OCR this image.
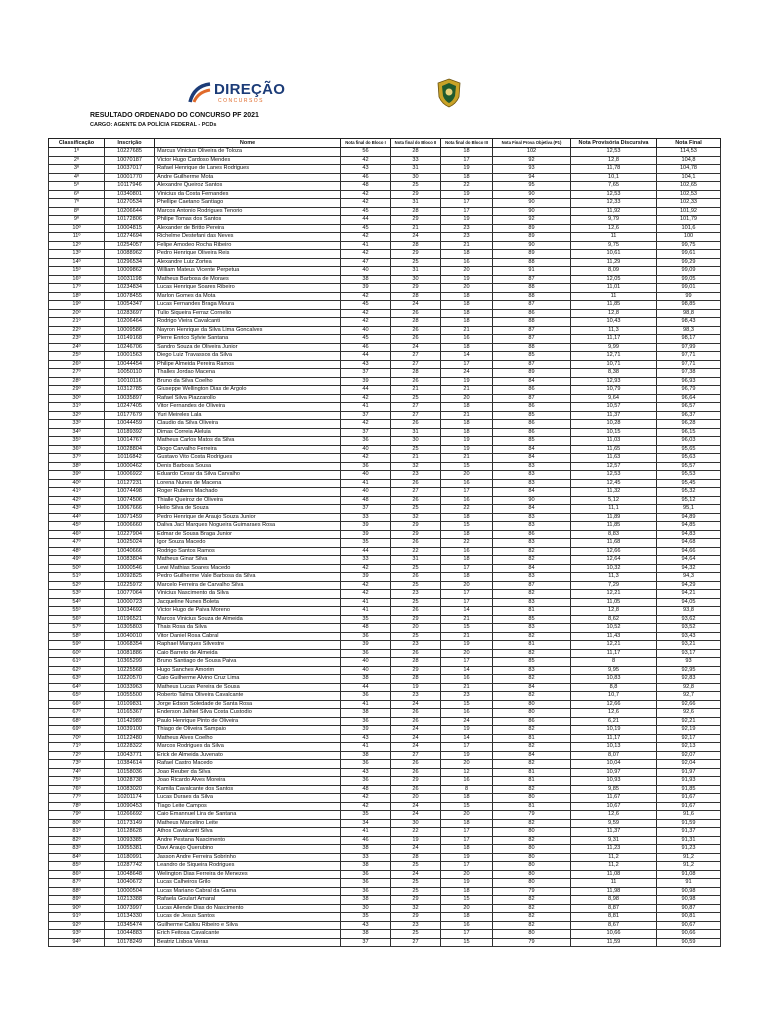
DIREÇÃO
CONCURSOS
RESULTADO ORDENADO DO CONCURSO PF 2021
CARGO: AGENTE DA POLÍCIA FEDERAL - PCDs
Classificação	Inscrição	Nome	Nota final do Bloco I	Nota final do Bloco II	Nota final do Bloco III	Nota Final Prova Objetiva (P1)	Nota Provisória Discursiva	Nota Final
1º	10227685	Marcus Vinicius Oliveira de Toloza	56	28	18	102	12,53	114,53
2º	10070187	Victor Hugo Cardoso Mendes	42	33	17	92	12,8	104,8
3º	10037017	Rafael Henrique de Lanes Rodrigues	43	31	19	93	11,78	104,78
4º	10001770	Andre Guilherme Mota	46	30	18	94	10,1	104,1
5º	10117946	Alexandre Queiroz Santos	48	25	22	95	7,65	102,65
6º	10340801	Vinicius da Costa Fernandes	42	29	19	90	12,53	102,53
7º	10270534	Phellipe Caetano Santiago	42	31	17	90	12,33	102,33
8º	10206644	Marcos Antonio Rodrigues Tenorio	45	28	17	90	11,92	101,92
9º	10172806	Philipe Tomas dos Santos	44	29	19	92	9,79	101,79
10º	10004815	Alexander de Britto Pereira	45	21	23	89	12,6	101,6
11º	10274694	Richelme Destefani das Neves	42	24	23	89	11	100
12º	10254057	Felipe Amodeo Rocha Ribeiro	41	28	21	90	9,75	99,75
13º	10088962	Pedro Henrique Oliveira Reis	42	29	18	89	10,61	99,61
14º	10296534	Alexandre Luiz Zortea	47	25	16	88	11,29	99,29
15º	10009862	William Mateus Vicente Perpetua	40	31	20	91	8,09	99,09
16º	10031198	Matheus Barbosa de Moraes	38	30	19	87	12,05	99,05
17º	10234834	Lucas Henrique Soares Ribeiro	39	29	20	88	11,01	99,01
18º	10078455	Marlon Gomes da Mota	42	28	18	88	11	99
19º	10054347	Lucas Fernandes Braga Moura	45	24	18	87	11,85	98,85
20º	10283697	Tulio Siqueira Ferraz Cornelio	42	26	18	86	12,8	98,8
21º	10206464	Rodrigo Vieira Cavalcanti	42	28	18	88	10,43	98,43
22º	10009586	Nayron Henrique da Silva Lima Goncalves	40	26	21	87	11,3	98,3
23º	10149168	Pierre Enrico Sylvie Santana	45	26	16	87	11,17	98,17
24º	10246706	Sandro Souza de Oliveira Junior	46	24	18	88	9,99	97,99
25º	10001563	Diego Luiz Travassos da Silva	44	27	14	85	12,71	97,71
26º	10044454	Philipe Almeida Pereira Ramos	43	27	17	87	10,71	97,71
27º	10050110	Thalles Jordao Macena	37	28	24	89	8,38	97,38
28º	10010116	Bruno da Silva Coelho	39	26	19	84	12,93	96,93
29º	10312785	Giuseppe Wellington Dias de Argolo	44	21	21	86	10,79	96,79
30º	10035897	Rafael Silva Piazzarollo	42	25	20	87	9,64	96,64
31º	10247405	Vitor Fernandes de Oliveira	41	27	18	86	10,57	96,57
32º	10177679	Yuri Meireles Lala	37	27	21	85	11,37	96,37
33º	10044459	Claudio da Silva Oliveira	42	26	18	86	10,28	96,28
34º	10189392	Dimas Correia Aleluia	37	31	18	86	10,15	96,15
35º	10014767	Matheus Carlos Matos da Silva	36	30	19	85	11,03	96,03
36º	10028804	Diogo Carvalho Ferreira	40	25	19	84	11,65	95,65
37º	10116842	Gustavo Vito Costa Rodrigues	42	21	21	84	11,63	95,63
38º	10000462	Denis Barbosa Sousa	36	32	15	83	12,57	95,57
39º	10006922	Eduardo Cesar da Silva Carvalho	40	23	20	83	12,53	95,53
40º	10127231	Lorena Nunes de Macena	41	26	16	83	12,45	95,45
41º	10074498	Roger Rubens Machado	40	27	17	84	11,32	95,32
42º	10074506	Thialle Queiroz de Oliveira	48	26	16	90	5,12	95,12
43º	10067666	Helio Silva de Souza	37	25	22	84	11,1	95,1
44º	10071459	Pedro Henrique de Araujo Souza Junior	33	32	18	83	11,89	94,89
45º	10006660	Daliva Jaci Marques Nogueira Guimaraes Rosa	39	29	15	83	11,85	94,85
46º	10227904	Edmar de Sousa Braga Junior	39	29	18	86	8,83	94,83
47º	10025024	Igor Souza Macedo	35	26	22	83	11,68	94,68
48º	10040666	Rodrigo Santos Ramos	44	22	16	82	12,66	94,66
49º	10083804	Matheus Ginar Silva	33	31	18	82	12,64	94,64
50º	10000546	Lewi Mathias Soares Macedo	42	25	17	84	10,32	94,32
51º	10092825	Pedro Guilherme Vale Barbosa da Silva	39	26	18	83	11,3	94,3
52º	10225972	Marcelo Ferreira de Carvalho Silva	42	25	20	87	7,29	94,29
53º	10077064	Vinicius Nascimento da Silva	42	23	17	82	12,21	94,21
54º	10000723	Jacqueline Nunes Boleta	41	25	17	83	11,05	94,05
55º	10034692	Victor Hugo de Paiva Moreno	41	26	14	81	12,8	93,8
56º	10196521	Marcos Vinicius Souza de Almeida	35	29	21	85	8,62	93,62
57º	10305803	Thais Rosa da Silva	48	20	15	83	10,52	93,52
58º	10040010	Vitor Daniel Rosa Cabral	36	25	21	82	11,43	93,43
59º	10068354	Raphael Marques Silvestre	39	23	19	81	12,21	93,21
60º	10081886	Caio Barreto de Almeida	36	26	20	82	11,17	93,17
61º	10365299	Bruno Santiago de Sousa Paiva	40	28	17	85	8	93
62º	10225568	Hugo Sanches Amorim	40	29	14	83	9,95	92,95
63º	10220570	Caio Guilherme Alvino Cruz Lima	38	28	16	82	10,83	92,83
64º	10033963	Matheus Lucas Pereira de Sousa	44	19	21	84	8,8	92,8
65º	10055500	Roberto Talma Oliveira Cavalcante	36	23	23	82	10,7	92,7
66º	10109831	Jorge Edson Soledade de Santa Rosa	41	24	15	80	12,66	92,66
67º	10165367	Enderson Jalhiel Silva Costa Custodio	38	26	16	80	12,6	92,6
68º	10142989	Paulo Henrique Pinto de Oliveira	36	26	24	86	6,21	92,21
69º	10039100	Thiago de Oliveira Sampaio	39	24	19	82	10,19	92,19
70º	10122480	Matheus Alves Coelho	43	24	14	81	11,17	92,17
71º	10228322	Marcos Rodrigues da Silva	41	24	17	82	10,13	92,13
72º	10043771	Erick de Almeida Juvenato	38	27	19	84	8,07	92,07
73º	10384614	Rafael Castro Macedo	36	26	20	82	10,04	92,04
74º	10158036	Joao Reuber da Silva	43	26	12	81	10,97	91,97
75º	10028738	Joao Ricardo Alves Moreira	36	29	16	81	10,93	91,93
76º	10083020	Kamila Cavalcante dos Santos	48	26	8	82	9,85	91,85
77º	10201174	Lucas Duraes da Silva	42	20	18	80	11,67	91,67
78º	10090453	Tiago Leite Campos	42	24	15	81	10,67	91,67
79º	10266692	Caio Emannuel Lira de Santana	35	24	20	79	12,6	91,6
80º	10173149	Matheus Marcelino Leite	34	30	18	82	9,59	91,59
81º	10128628	Athos Cavalcanti Silva	41	22	17	80	11,37	91,37
82º	10093385	Andre Pestana Nascimento	46	19	17	82	9,31	91,31
83º	10055381	Davi Araujo Querubino	38	24	18	80	11,23	91,23
84º	10180991	Jasson Andre Ferreira Sobrinho	33	28	19	80	11,2	91,2
85º	10287742	Leandro de Siqueira Rodrigues	38	25	17	80	11,2	91,2
86º	10048648	Welington Dias Ferreira de Menezes	36	24	20	80	11,08	91,08
87º	10040672	Lucas Calheiros Grilo	36	25	19	80	11	91
88º	10000504	Lucas Mariano Cabral da Gama	36	25	18	79	11,98	90,98
89º	10213388	Rafaela Goulart Amaral	38	29	15	82	8,98	90,98
90º	10073997	Lucas Allende Dias do Nascimento	30	32	20	82	8,87	90,87
91º	10134330	Lucas de Jesus Santos	35	29	18	82	8,81	90,81
92º	10345474	Guilherme Callou Ribeiro e Silva	43	23	16	82	8,67	90,67
93º	10044883	Erich Feitosa Cavalcante	38	25	17	80	10,66	90,66
94º	10178249	Beatriz Lisboa Veras	37	27	15	79	11,59	90,59
